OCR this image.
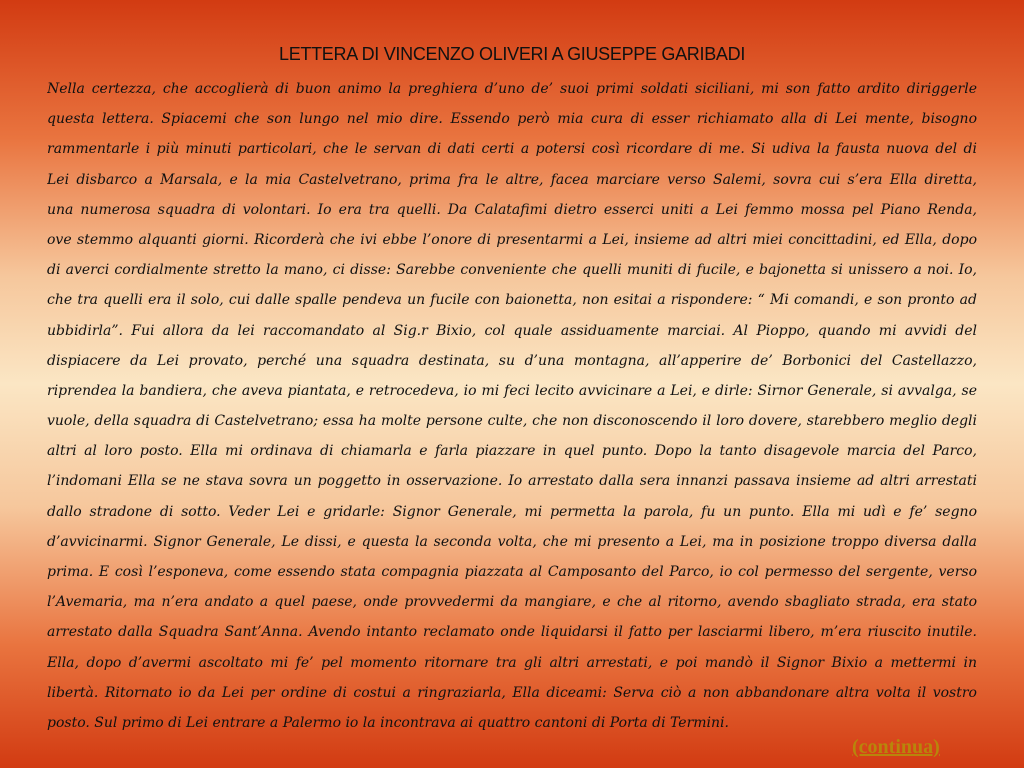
LETTERA DI VINCENZO OLIVERI A GIUSEPPE GARIBADI
Nella certezza, che accoglierà di buon animo la preghiera d’uno de’ suoi primi soldati siciliani, mi son fatto ardito diriggerle
questa lettera. Spiacemi che son lungo nel mio dire. Essendo però mia cura di esser richiamato alla di Lei mente, bisogno
rammentarle i più minuti particolari, che le servan di dati certi a potersi così ricordare di me. Si udiva la fausta nuova del di
Lei disbarco a Marsala, e la mia Castelvetrano, prima fra le altre, facea marciare verso Salemi, sovra cui s’era Ella diretta,
una numerosa squadra di volontari. Io era tra quelli. Da Calatafimi dietro esserci uniti a Lei femmo mossa pel Piano Renda,
ove stemmo alquanti giorni. Ricorderà che ivi ebbe l’onore di presentarmi a Lei, insieme ad altri miei concittadini, ed Ella, dopo
di averci cordialmente stretto la mano, ci disse: Sarebbe conveniente che quelli muniti di fucile, e bajonetta si unissero a noi. Io,
che tra quelli era il solo, cui dalle spalle pendeva un fucile con baionetta, non esitai a rispondere: “ Mi comandi, e son pronto ad
ubbidirla”. Fui allora da lei raccomandato al Sig.r Bixio, col quale assiduamente marciai. Al Pioppo, quando mi avvidi del
dispiacere da Lei provato, perché una squadra destinata, su d’una montagna, all’apperire de’ Borbonici del Castellazzo,
riprendea la bandiera, che aveva piantata, e retrocedeva, io mi feci lecito avvicinare a Lei, e dirle: Sirnor Generale, si avvalga, se
vuole, della squadra di Castelvetrano; essa ha molte persone culte, che non disconoscendo il loro dovere, starebbero meglio degli
altri al loro posto. Ella mi ordinava di chiamarla e farla piazzare in quel punto. Dopo la tanto disagevole marcia del Parco,
l’indomani Ella se ne stava sovra un poggetto in osservazione. Io arrestato dalla sera innanzi passava insieme ad altri arrestati
dallo stradone di sotto. Veder Lei e gridarle: Signor Generale, mi permetta la parola, fu un punto. Ella mi udì e fe’ segno
d’avvicinarmi. Signor Generale, Le dissi, e questa la seconda volta, che mi presento a Lei, ma in posizione troppo diversa dalla
prima. E così l’esponeva, come essendo stata compagnia piazzata al Camposanto del Parco, io col permesso del sergente, verso
l’Avemaria, ma n’era andato a quel paese, onde provvedermi da mangiare, e che al ritorno, avendo sbagliato strada, era stato
arrestato dalla Squadra Sant’Anna. Avendo intanto reclamato onde liquidarsi il fatto per lasciarmi libero, m’era riuscito inutile.
Ella, dopo d’avermi ascoltato mi fe’ pel momento ritornare tra gli altri arrestati, e poi mandò il Signor Bixio a mettermi in
libertà. Ritornato io da Lei per ordine di costui a ringraziarla, Ella diceami: Serva ciò a non abbandonare altra volta il vostro
posto. Sul primo di Lei entrare a Palermo io la incontrava ai quattro cantoni di Porta di Termini.
(continua)
